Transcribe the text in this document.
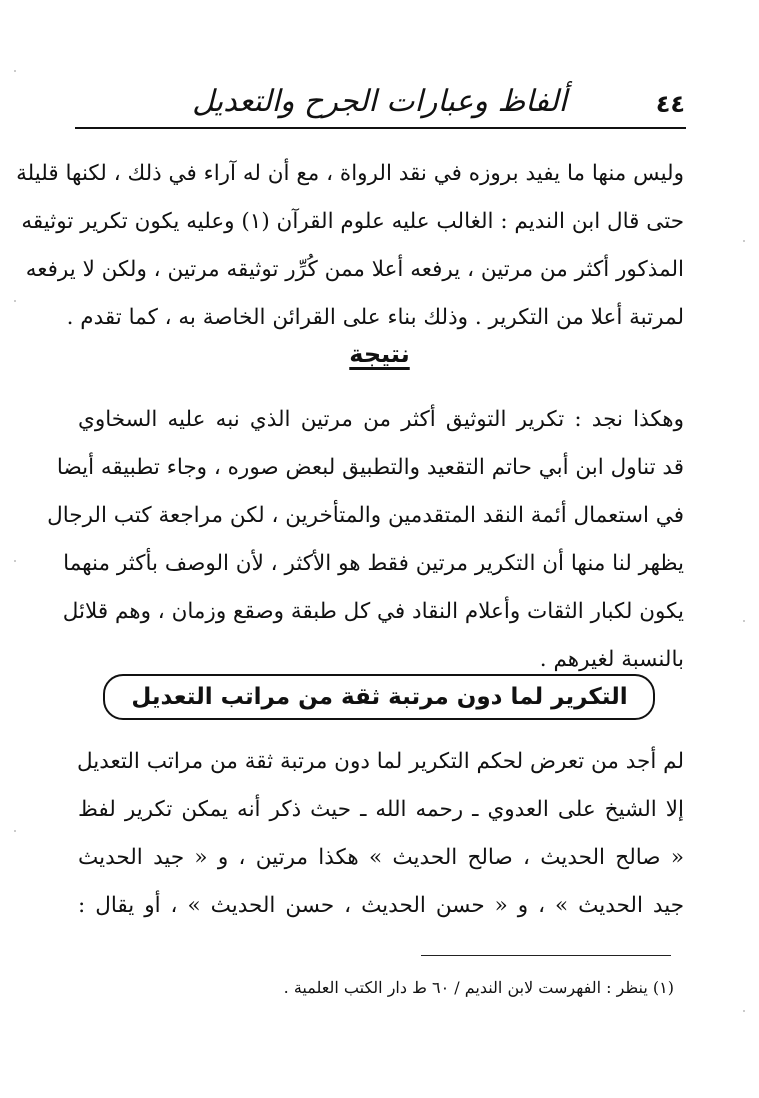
ألفاظ وعبارات الجرح والتعديل	٤٤
وليس منها ما يفيد بروزه في نقد الرواة ، مع أن له آراء في ذلك ، لكنها قليلة
حتى قال ابن النديم : الغالب عليه علوم القرآن (١) وعليه يكون تكرير توثيقه
المذكور أكثر من مرتين ، يرفعه أعلا ممن كُرِّر توثيقه مرتين ، ولكن لا يرفعه
لمرتبة أعلا من التكرير . وذلك بناء على القرائن الخاصة به ، كما تقدم .
نتيجة
وهكذا نجد : تكرير التوثيق أكثر من مرتين الذي نبه عليه السخاوي
قد تناول ابن أبي حاتم التقعيد والتطبيق لبعض صوره ، وجاء تطبيقه أيضا
في استعمال أئمة النقد المتقدمين والمتأخرين ، لكن مراجعة كتب الرجال
يظهر لنا منها أن التكرير مرتين فقط هو الأكثر ، لأن الوصف بأكثر منهما
يكون لكبار الثقات وأعلام النقاد في كل طبقة وصقع وزمان ، وهم قلائل
بالنسبة لغيرهم .
التكرير لما دون مرتبة ثقة من مراتب التعديل
لم أجد من تعرض لحكم التكرير لما دون مرتبة ثقة من مراتب التعديل
إلا الشيخ على العدوي ـ رحمه الله ـ حيث ذكر أنه يمكن تكرير لفظ
« صالح الحديث ، صالح الحديث » هكذا مرتين ، و « جيد الحديث
جيد الحديث » ، و « حسن الحديث ، حسن الحديث » ، أو يقال :
(١) ينظر : الفهرست لابن النديم / ٦٠ ط دار الكتب العلمية .
